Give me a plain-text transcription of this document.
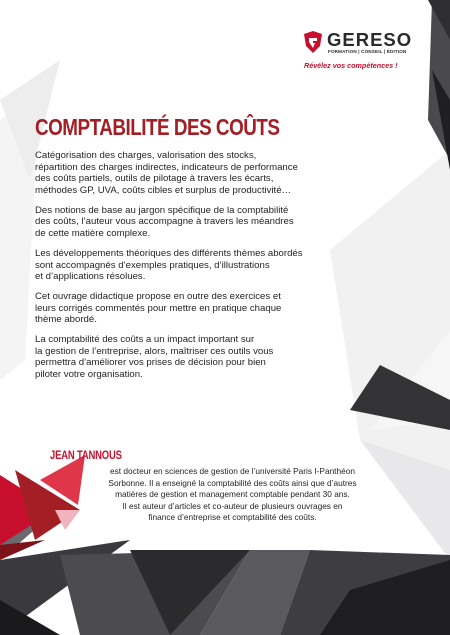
GERESO
FORMATION | CONSEIL | ÉDITION
Révélez vos compétences !
COMPTABILITÉ DES COÛTS

Catégorisation des charges, valorisation des stocks,
répartition des charges indirectes, indicateurs de performance
des coûts partiels, outils de pilotage à travers les écarts,
méthodes GP, UVA, coûts cibles et surplus de productivité…

Des notions de base au jargon spécifique de la comptabilité
des coûts, l’auteur vous accompagne à travers les méandres
de cette matière complexe.

Les développements théoriques des différents thèmes abordés
sont accompagnés d’exemples pratiques, d’illustrations
et d’applications résolues.

Cet ouvrage didactique propose en outre des exercices et
leurs corrigés commentés pour mettre en pratique chaque
thème abordé.

La comptabilité des coûts a un impact important sur
la gestion de l’entreprise, alors, maîtriser ces outils vous
permettra d’améliorer vos prises de décision pour bien
piloter votre organisation.

JEAN TANNOUS
est docteur en sciences de gestion de l’université Paris I-Panthéon
Sorbonne. Il a enseigné la comptabilité des coûts ainsi que d’autres
matières de gestion et management comptable pendant 30 ans.
Il est auteur d’articles et co-auteur de plusieurs ouvrages en
finance d’entreprise et comptabilité des coûts.
